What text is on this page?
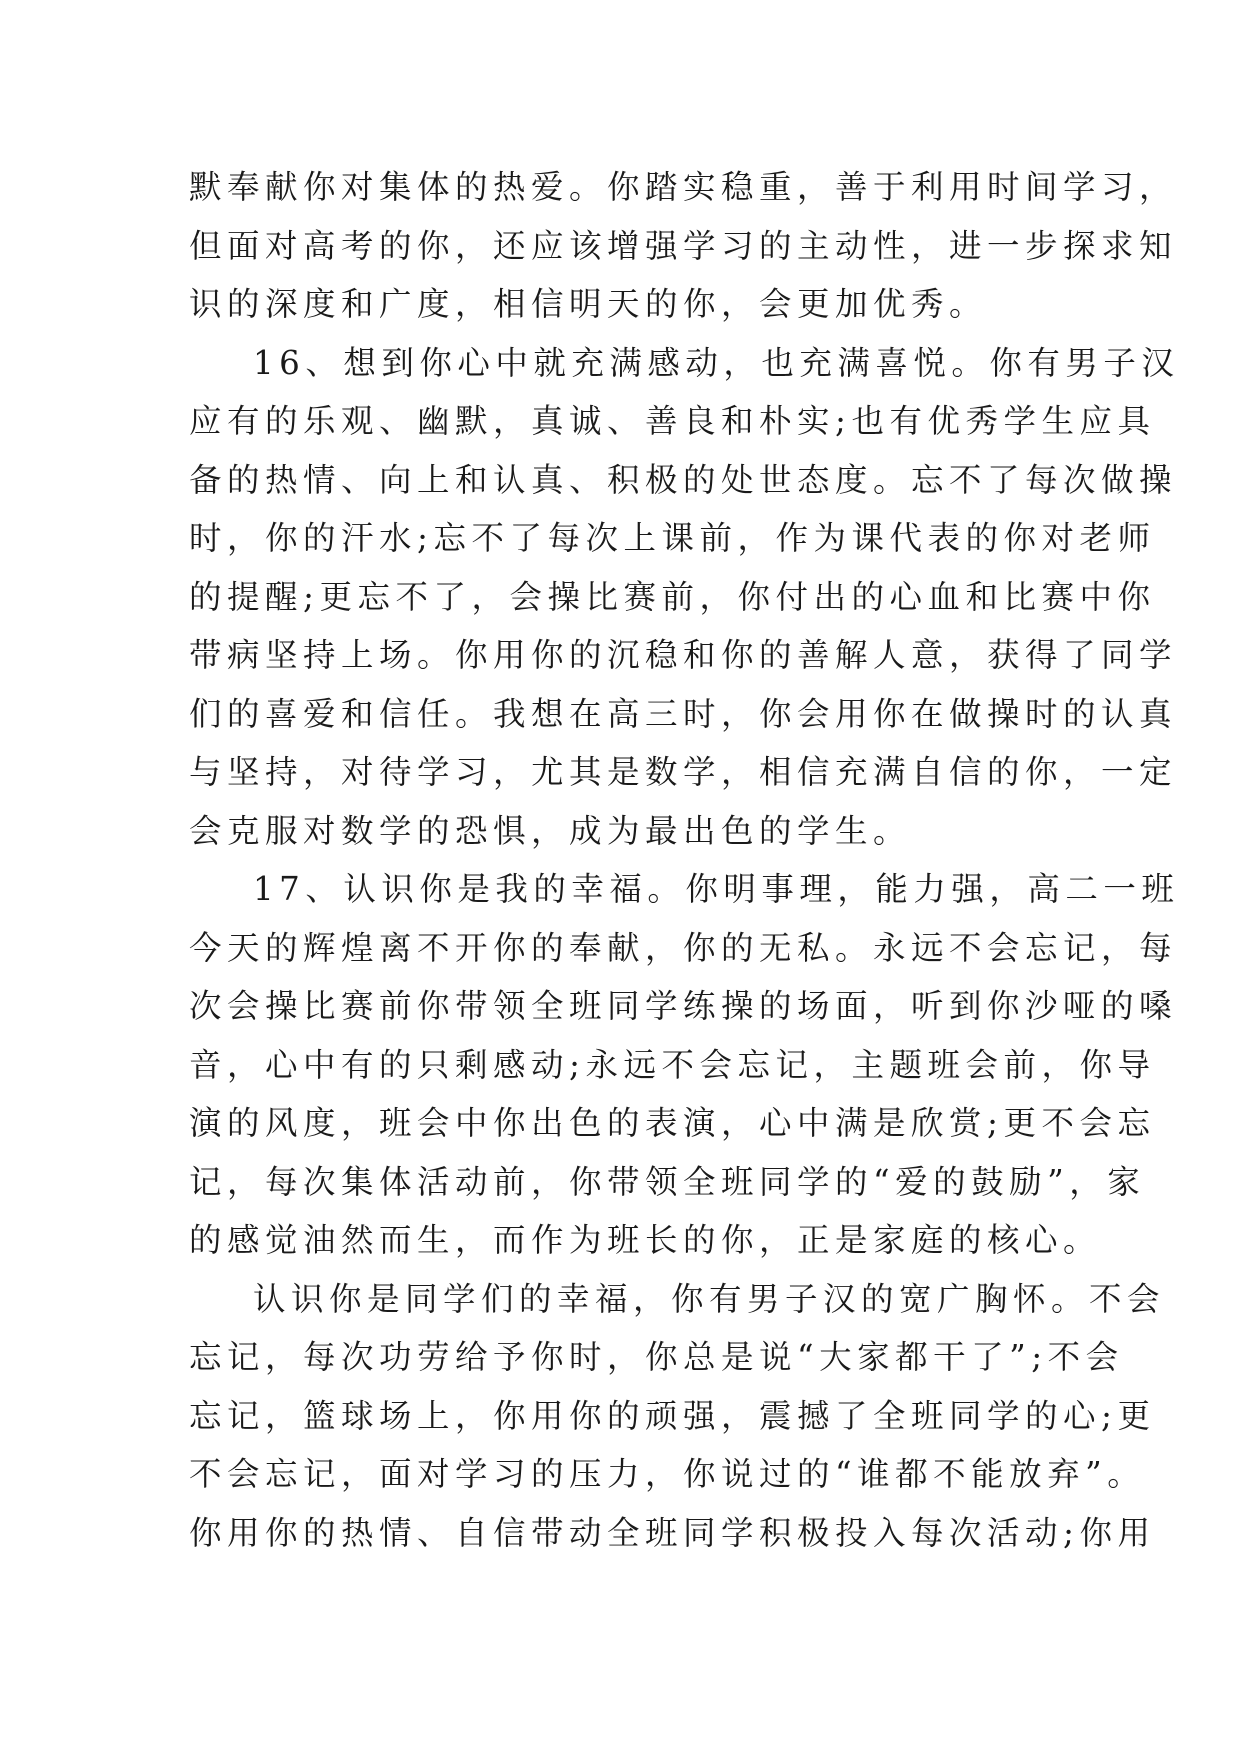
默奉献你对集体的热爱。你踏实稳重，善于利用时间学习，
但面对高考的你，还应该增强学习的主动性，进一步探求知
识的深度和广度，相信明天的你，会更加优秀。
16、想到你心中就充满感动，也充满喜悦。你有男子汉
应有的乐观、幽默，真诚、善良和朴实;也有优秀学生应具
备的热情、向上和认真、积极的处世态度。忘不了每次做操
时，你的汗水;忘不了每次上课前，作为课代表的你对老师
的提醒;更忘不了，会操比赛前，你付出的心血和比赛中你
带病坚持上场。你用你的沉稳和你的善解人意，获得了同学
们的喜爱和信任。我想在高三时，你会用你在做操时的认真
与坚持，对待学习，尤其是数学，相信充满自信的你，一定
会克服对数学的恐惧，成为最出色的学生。
17、认识你是我的幸福。你明事理，能力强，高二一班
今天的辉煌离不开你的奉献，你的无私。永远不会忘记，每
次会操比赛前你带领全班同学练操的场面，听到你沙哑的嗓
音，心中有的只剩感动;永远不会忘记，主题班会前，你导
演的风度，班会中你出色的表演，心中满是欣赏;更不会忘
记，每次集体活动前，你带领全班同学的“爱的鼓励”，家
的感觉油然而生，而作为班长的你，正是家庭的核心。
认识你是同学们的幸福，你有男子汉的宽广胸怀。不会
忘记，每次功劳给予你时，你总是说“大家都干了”;不会
忘记，篮球场上，你用你的顽强，震撼了全班同学的心;更
不会忘记，面对学习的压力，你说过的“谁都不能放弃”。
你用你的热情、自信带动全班同学积极投入每次活动;你用
